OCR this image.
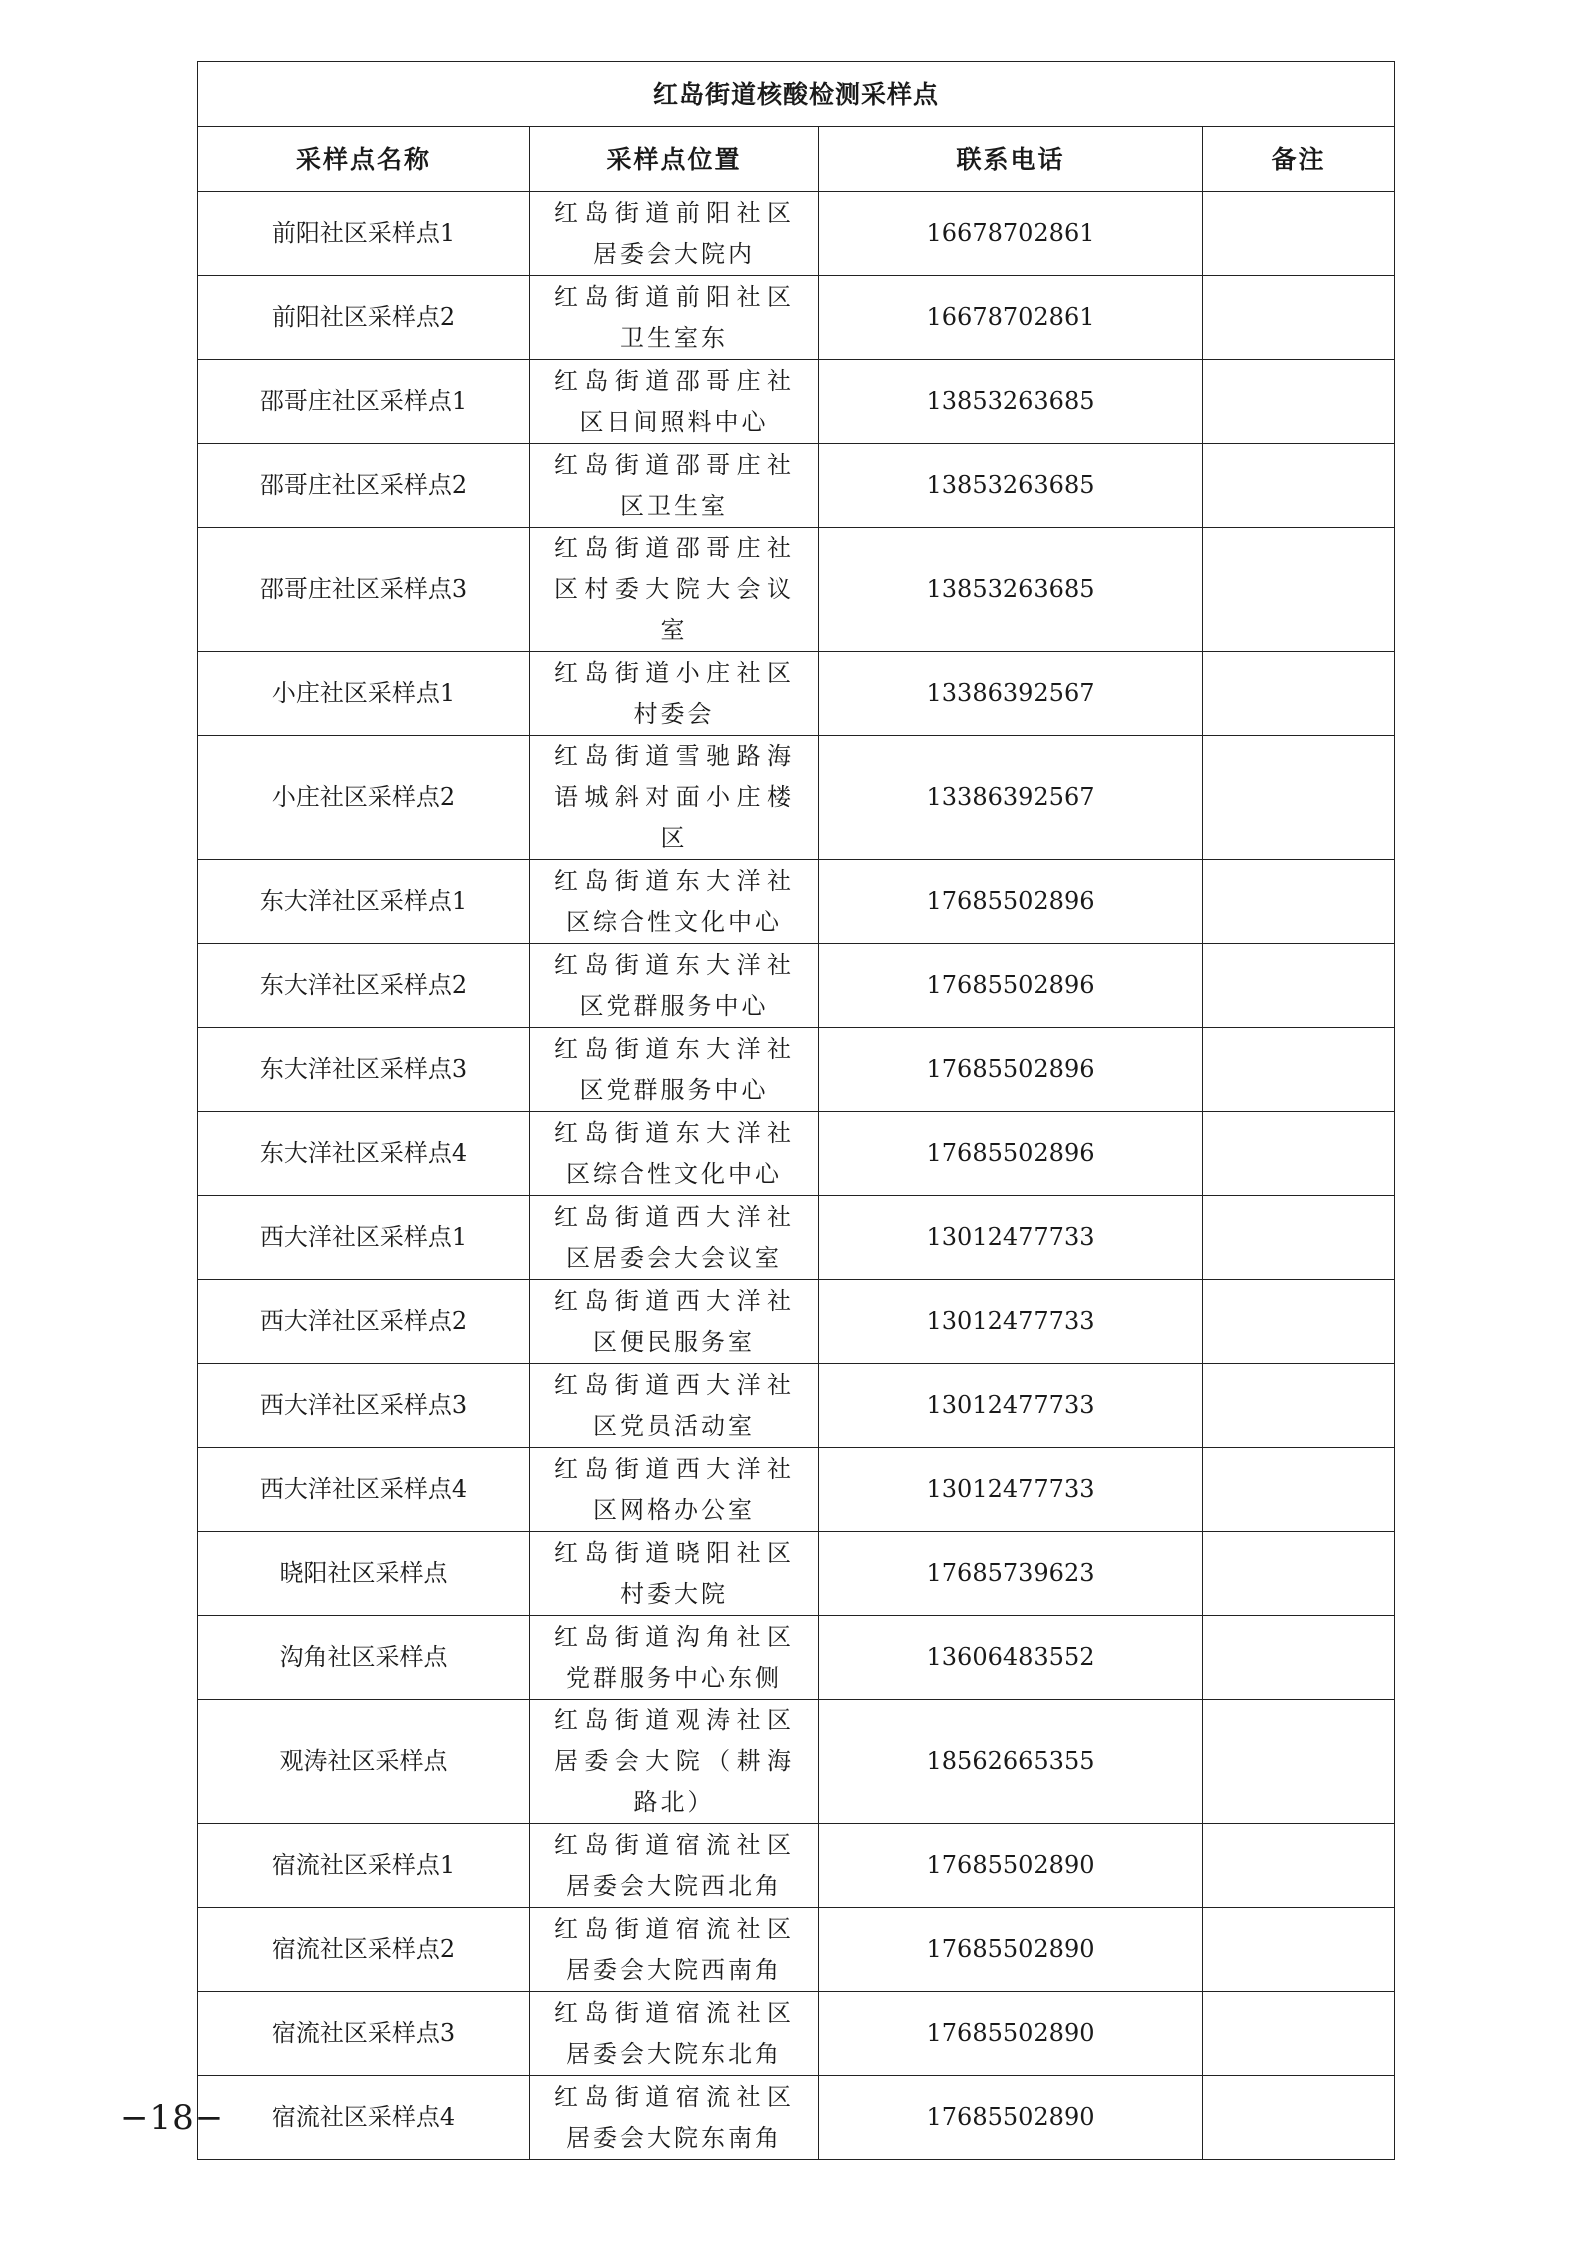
红岛街道核酸检测采样点			
采样点名称	采样点位置	联系电话	备注
前阳社区采样点1	红岛街道前阳社区居委会大院内	16678702861	
前阳社区采样点2	红岛街道前阳社区卫生室东	16678702861	
邵哥庄社区采样点1	红岛街道邵哥庄社区日间照料中心	13853263685	
邵哥庄社区采样点2	红岛街道邵哥庄社区卫生室	13853263685	
邵哥庄社区采样点3	红岛街道邵哥庄社区村委大院大会议室	13853263685	
小庄社区采样点1	红岛街道小庄社区村委会	13386392567	
小庄社区采样点2	红岛街道雪驰路海语城斜对面小庄楼区	13386392567	
东大洋社区采样点1	红岛街道东大洋社区综合性文化中心	17685502896	
东大洋社区采样点2	红岛街道东大洋社区党群服务中心	17685502896	
东大洋社区采样点3	红岛街道东大洋社区党群服务中心	17685502896	
东大洋社区采样点4	红岛街道东大洋社区综合性文化中心	17685502896	
西大洋社区采样点1	红岛街道西大洋社区居委会大会议室	13012477733	
西大洋社区采样点2	红岛街道西大洋社区便民服务室	13012477733	
西大洋社区采样点3	红岛街道西大洋社区党员活动室	13012477733	
西大洋社区采样点4	红岛街道西大洋社区网格办公室	13012477733	
晓阳社区采样点	红岛街道晓阳社区村委大院	17685739623	
沟角社区采样点	红岛街道沟角社区党群服务中心东侧	13606483552	
观涛社区采样点	红岛街道观涛社区居委会大院（耕海路北）	18562665355	
宿流社区采样点1	红岛街道宿流社区居委会大院西北角	17685502890	
宿流社区采样点2	红岛街道宿流社区居委会大院西南角	17685502890	
宿流社区采样点3	红岛街道宿流社区居委会大院东北角	17685502890	
宿流社区采样点4	红岛街道宿流社区居委会大院东南角	17685502890	
−18−
